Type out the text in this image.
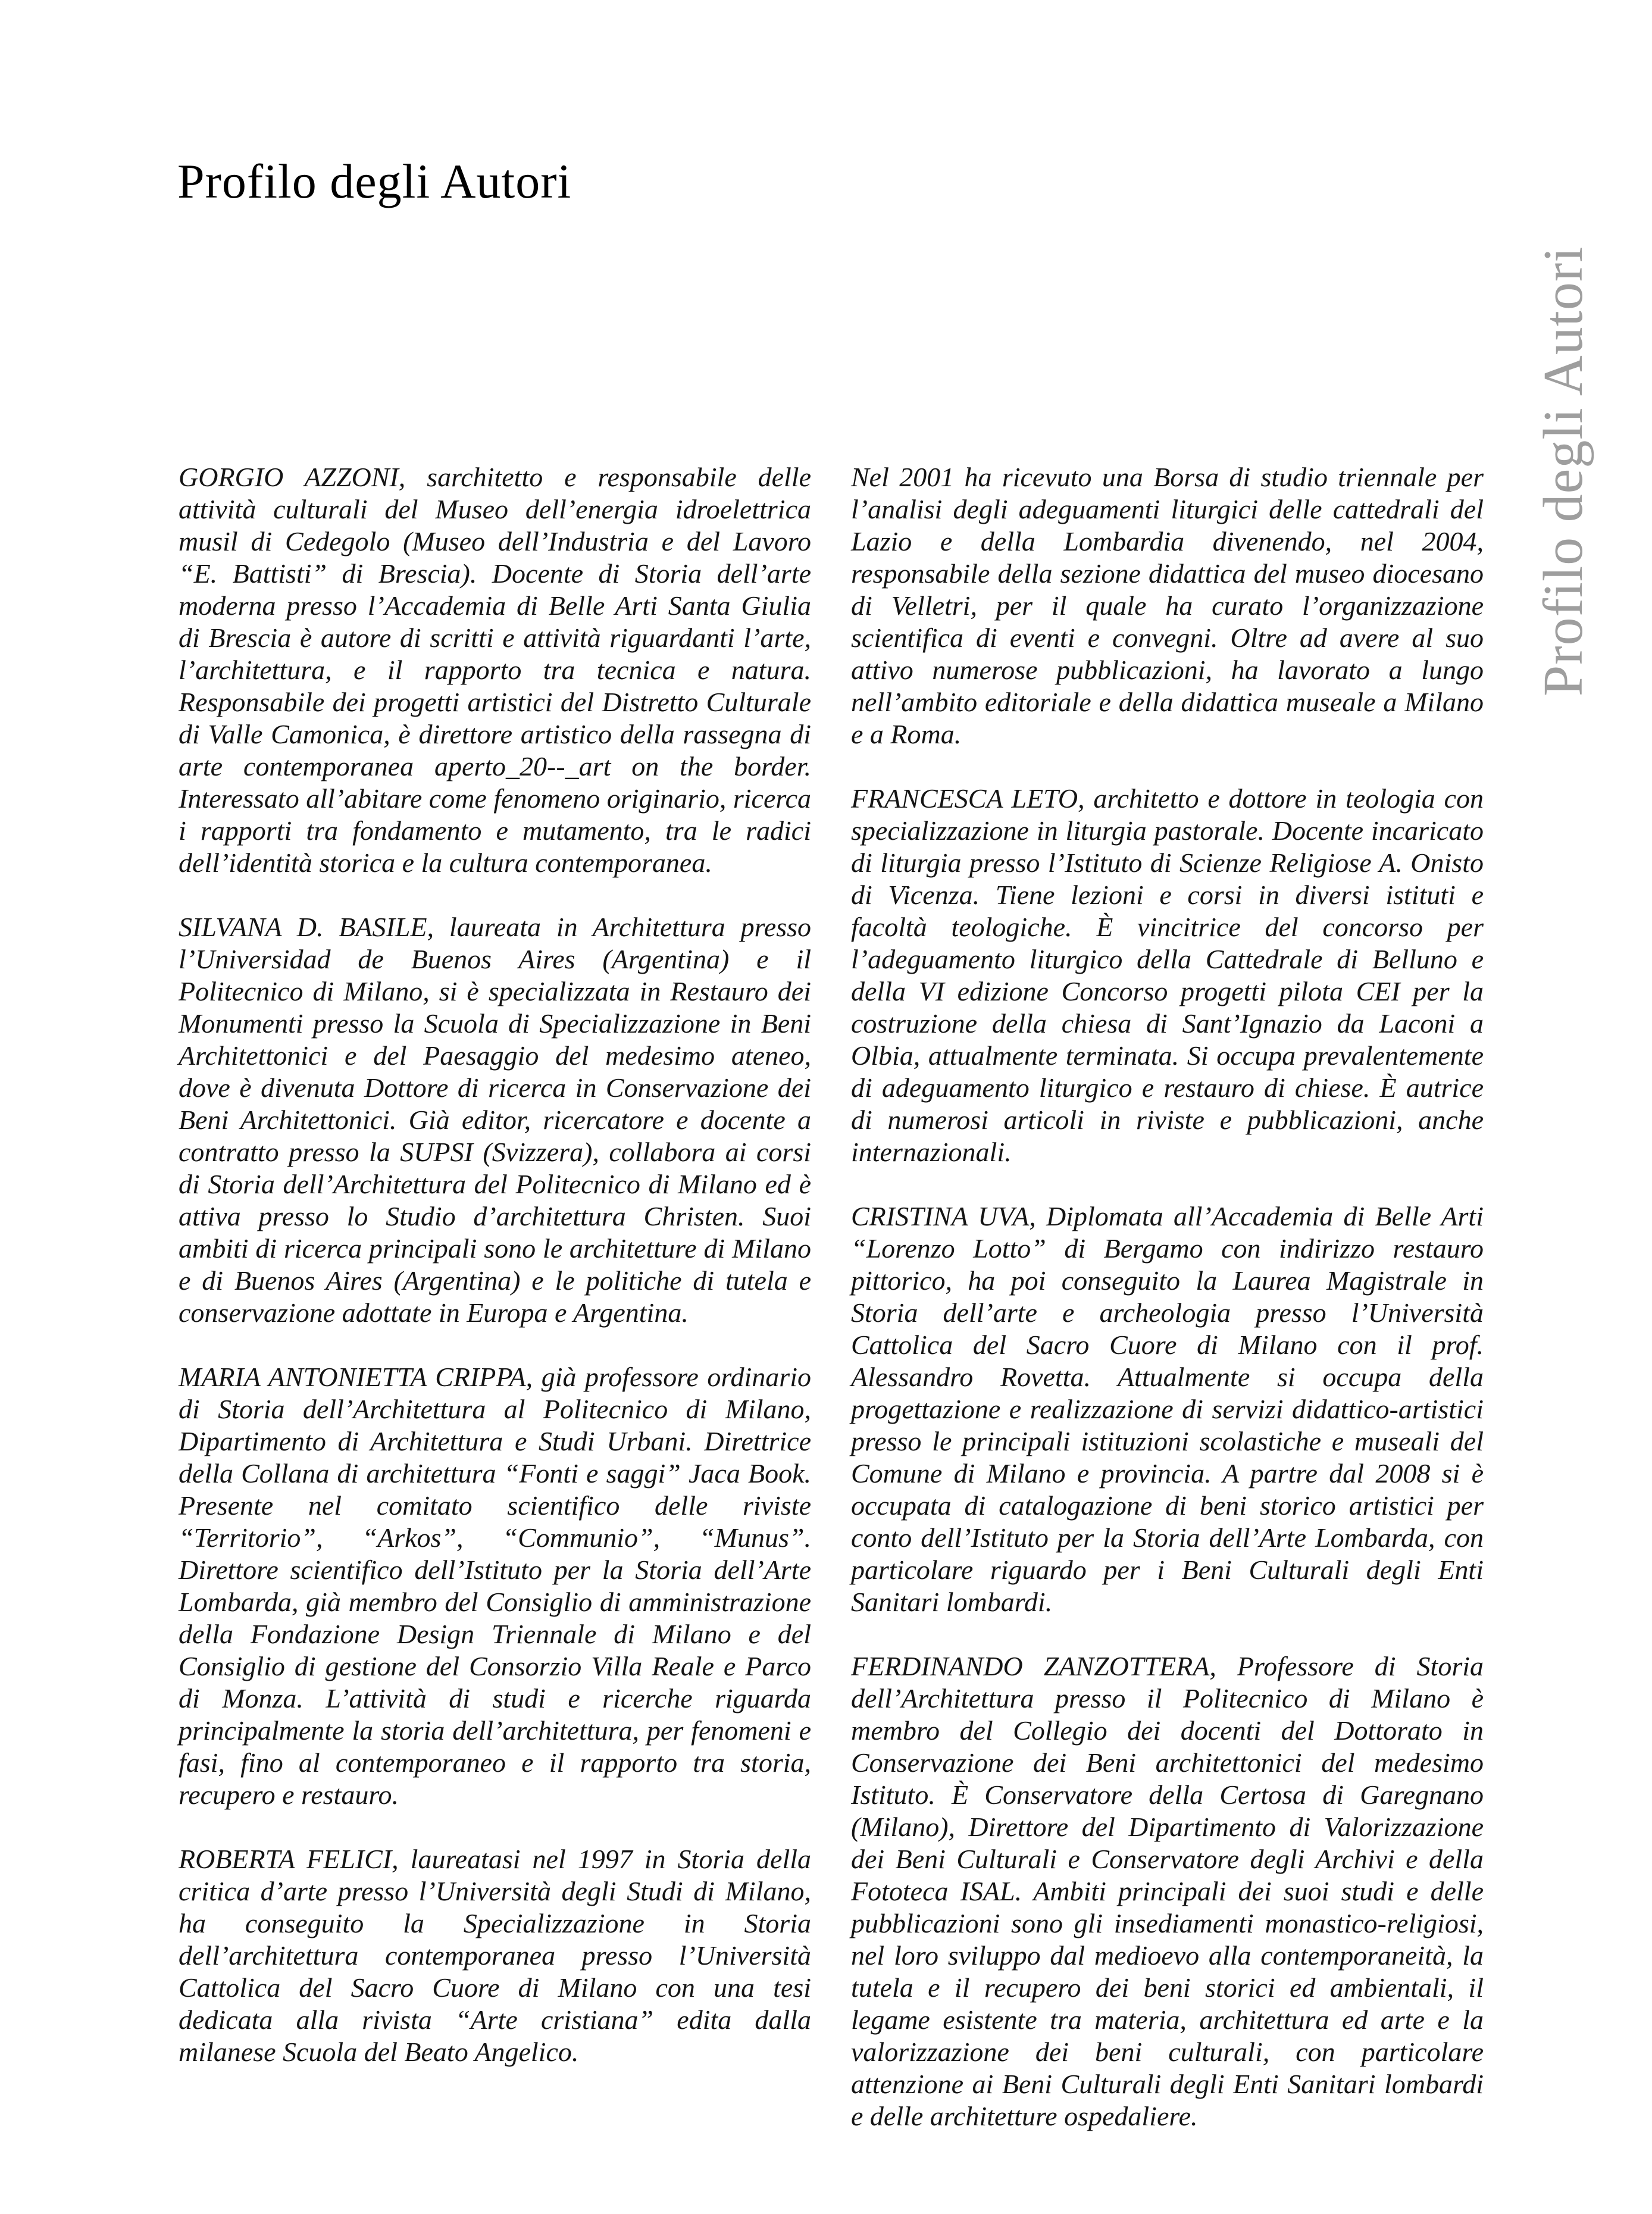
Profilo degli Autori

GORGIO AZZONI, sarchitetto e responsabile delle attività culturali del Museo dell’energia idroelettrica musil di Cedegolo (Museo dell’Industria e del Lavoro “E. Battisti” di Brescia). Docente di Storia dell’arte moderna presso l’Accademia di Belle Arti Santa Giulia di Brescia è autore di scritti e attività riguardanti l’arte, l’architettura, e il rapporto tra tecnica e natura. Responsabile dei progetti artistici del Distretto Culturale di Valle Camonica, è direttore artistico della rassegna di arte contemporanea aperto_20--_art on the border. Interessato all’abitare come fenomeno originario, ricerca i rapporti tra fondamento e mutamento, tra le radici dell’identità storica e la cultura contemporanea.

SILVANA D. BASILE, laureata in Architettura presso l’Universidad de Buenos Aires (Argentina) e il Politecnico di Milano, si è specializzata in Restauro dei Monumenti presso la Scuola di Specializzazione in Beni Architettonici e del Paesaggio del medesimo ateneo, dove è divenuta Dottore di ricerca in Conservazione dei Beni Architettonici. Già editor, ricercatore e docente a contratto presso la SUPSI (Svizzera), collabora ai corsi di Storia dell’Architettura del Politecnico di Milano ed è attiva presso lo Studio d’architettura Christen. Suoi ambiti di ricerca principali sono le architetture di Milano e di Buenos Aires (Argentina) e le politiche di tutela e conservazione adottate in Europa e Argentina.

MARIA ANTONIETTA CRIPPA, già professore ordinario di Storia dell’Architettura al Politecnico di Milano, Dipartimento di Architettura e Studi Urbani. Direttrice della Collana di architettura “Fonti e saggi” Jaca Book. Presente nel comitato scientifico delle riviste “Territorio”, “Arkos”, “Communio”, “Munus”. Direttore scientifico dell’Istituto per la Storia dell’Arte Lombarda, già membro del Consiglio di amministrazione della Fondazione Design Triennale di Milano e del Consiglio di gestione del Consorzio Villa Reale e Parco di Monza. L’attività di studi e ricerche riguarda principalmente la storia dell’architettura, per fenomeni e fasi, fino al contemporaneo e il rapporto tra storia, recupero e restauro.

ROBERTA FELICI, laureatasi nel 1997 in Storia della critica d’arte presso l’Università degli Studi di Milano, ha conseguito la Specializzazione in Storia dell’architettura contemporanea presso l’Università Cattolica del Sacro Cuore di Milano con una tesi dedicata alla rivista “Arte cristiana” edita dalla milanese Scuola del Beato Angelico.

Nel 2001 ha ricevuto una Borsa di studio triennale per l’analisi degli adeguamenti liturgici delle cattedrali del Lazio e della Lombardia divenendo, nel 2004, responsabile della sezione didattica del museo diocesano di Velletri, per il quale ha curato l’organizzazione scientifica di eventi e convegni. Oltre ad avere al suo attivo numerose pubblicazioni, ha lavorato a lungo nell’ambito editoriale e della didattica museale a Milano e a Roma.

FRANCESCA LETO, architetto e dottore in teologia con specializzazione in liturgia pastorale. Docente incaricato di liturgia presso l’Istituto di Scienze Religiose A. Onisto di Vicenza. Tiene lezioni e corsi in diversi istituti e facoltà teologiche. È vincitrice del concorso per l’adeguamento liturgico della Cattedrale di Belluno e della VI edizione Concorso progetti pilota CEI per la costruzione della chiesa di Sant’Ignazio da Laconi a Olbia, attualmente terminata. Si occupa prevalentemente di adeguamento liturgico e restauro di chiese. È autrice di numerosi articoli in riviste e pubblicazioni, anche internazionali.

CRISTINA UVA, Diplomata all’Accademia di Belle Arti “Lorenzo Lotto” di Bergamo con indirizzo restauro pittorico, ha poi conseguito la Laurea Magistrale in Storia dell’arte e archeologia presso l’Università Cattolica del Sacro Cuore di Milano con il prof. Alessandro Rovetta. Attualmente si occupa della progettazione e realizzazione di servizi didattico-artistici presso le principali istituzioni scolastiche e museali del Comune di Milano e provincia. A partre dal 2008 si è occupata di catalogazione di beni storico artistici per conto dell’Istituto per la Storia dell’Arte Lombarda, con particolare riguardo per i Beni Culturali degli Enti Sanitari lombardi.

FERDINANDO ZANZOTTERA, Professore di Storia dell’Architettura presso il Politecnico di Milano è membro del Collegio dei docenti del Dottorato in Conservazione dei Beni architettonici del medesimo Istituto. È Conservatore della Certosa di Garegnano (Milano), Direttore del Dipartimento di Valorizzazione dei Beni Culturali e Conservatore degli Archivi e della Fototeca ISAL. Ambiti principali dei suoi studi e delle pubblicazioni sono gli insediamenti monastico-religiosi, nel loro sviluppo dal medioevo alla contemporaneità, la tutela e il recupero dei beni storici ed ambientali, il legame esistente tra materia, architettura ed arte e la valorizzazione dei beni culturali, con particolare attenzione ai Beni Culturali degli Enti Sanitari lombardi e delle architetture ospedaliere.

Profilo degli Autori
